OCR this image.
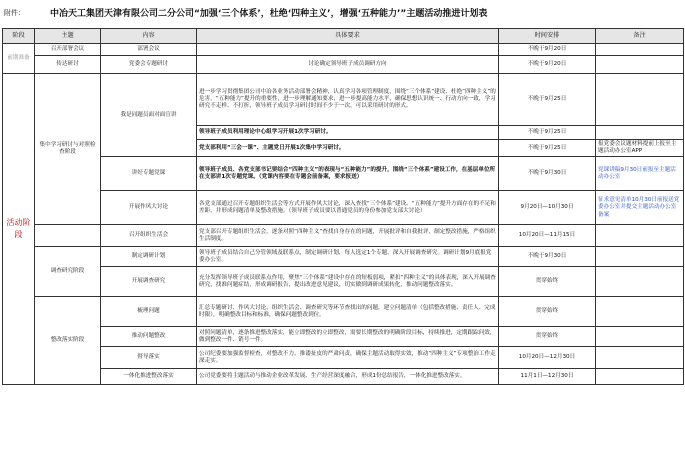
附件：	中冶天工集团天津有限公司二分公司“加强‘三个体系’，杜绝‘四种主义’，增强‘五种能力’”主题活动推进计划表
阶段	主题	内容	具体要求	时间安排	备注
前期准备	召开部署会议	部署会议		不晚于9月20日	
	传达研讨	党委会专题研讨	讨论确定领导班子成员调研方向	不晚于9月20日	
活动阶段	集中学习研讨与对照检查阶段	我是同题员面对面宣讲	进一步学习贯彻集团公司中冶各业务活动部署会精神，认真学习各项管理制度，围绕“三个体系”建设、杜绝“四种主义”的危害，“五种能力”提升的重要性，进一步理解通知要求，进一步提高能力水平，确保思想认识统一、行动方向一致，学习研究不走样、不打折，领导班子成员学习研讨时间不少于一次，可以采用研讨的形式。	不晚于9月25日	
			领导班子成员利用理论中心组学习开展1次学习研讨。	不晚于9月25日	
			党支部利用“三会一课”、主题党日开展1次集中学习研讨。	不晚于9月25日	报党委会议题材料提前上报至主题活动办公室APP
		讲好专题党课	领导班子成员、各党支部书记要结合“四种主义”的表现与“五种能力”的提升，围绕“三个体系”建设工作，在基层单位所在支部讲1次专题党课。（党课内容要在专题会前备案，要求报送）	不晚于9月30日	党课讲稿9月30日前报至主题活动办公室
		开展作风大讨论	各党支部通过召开专题组织生活会等方式开展作风大讨论，深入查找“三个体系”建设、“五种能力”提升方面存在的不足和差距，并形成问题清单及整改措施。（领导班子成员要以普通党员的身份参加党支部大讨论）	9月20日—10月30日	征求意见清单10月30日前报送党委办公室并提交主题活动办公室备案
		召开组织生活会	党支部召开专题组织生活会，逐条对照“四种主义”查找自身存在的问题，开展批评和自我批评，制定整改措施，严格组织生活制度。	10月20日—11月15日	
	调查研究阶段	制定调研计划	领导班子成员结合自己分管领域及联系点，制定调研计划，每人选定1个专题，深入开展调查研究。调研计划9月底报党委办公室。	不晚于9月30日	
		开展调查研究	充分发挥领导班子成员联系点作用，聚焦“三个体系”建设中存在的短板弱项，紧扣“四种主义”的具体表现，深入开展调查研究，找准问题症结，形成调研报告，提出改进意见建议，切实做到调研成果转化，推动问题整改落实。	贯穿始终	
	整改落实阶段	梳理问题	汇总专题研讨、作风大讨论、组织生活会、调查研究等环节查找出的问题，建立问题清单（包括整改措施、责任人、完成时限），明确整改目标和标准，确保问题整改到位。	贯穿始终	
		推动问题整改	对照问题清单，逐条推进整改落实，能立即整改的立即整改，需要长期整改的明确阶段目标，持续推进，定期跟踪问效，做到整改一件、销号一件。	贯穿始终	
		督导落实	公司纪委要加强监督检查，对整改不力、推诿扯皮的严肃问责，确保主题活动取得实效，推动“四种主义”专项整治工作走深走实。	10月20日—12月30日	
		一体化推进整改落实	公司党委要将主题活动与推动企业改革发展、生产经营深度融合，形成1份总结报告，一体化推进整改落实。	11月1日—12月30日	
